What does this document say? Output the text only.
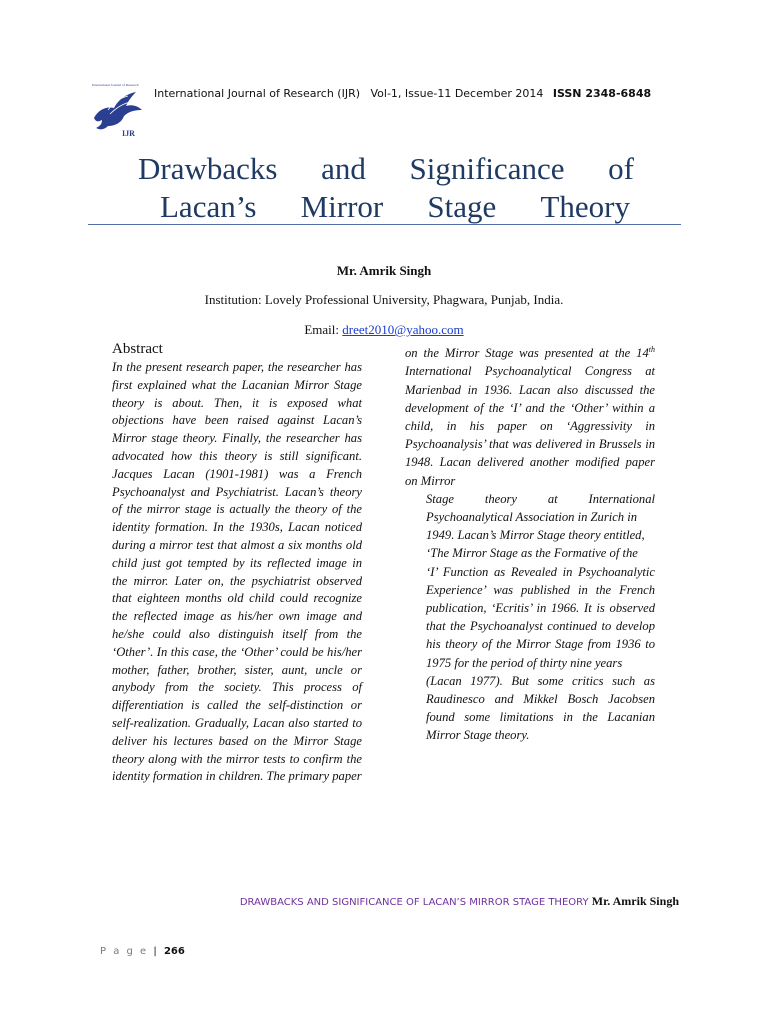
International Journal of Research
IJR
International Journal of Research (IJR)   Vol-1, Issue-11 December 2014 ISSN 2348-6848
Drawbacks and Significance of
Lacan’s Mirror Stage Theory
Mr. Amrik Singh
Institution: Lovely Professional University, Phagwara, Punjab, India.
Email: dreet2010@yahoo.com
Abstract
In the present research paper, the researcher has first explained what the Lacanian Mirror Stage theory is about. Then, it is exposed what objections have been raised against Lacan’s Mirror stage theory. Finally, the researcher has advocated how this theory is still significant. Jacques Lacan (1901-1981) was a French Psychoanalyst and Psychiatrist. Lacan’s theory of the mirror stage is actually the theory of the identity formation. In the 1930s, Lacan noticed during a mirror test that almost a six months old child just got tempted by its reflected image in the mirror. Later on, the psychiatrist observed that eighteen months old child could recognize the reflected image as his/her own image and he/she could also distinguish itself from the ‘Other’. In this case, the ‘Other’ could be his/her mother, father, brother, sister, aunt, uncle or anybody from the society. This process of differentiation is called the self-distinction or self-realization. Gradually, Lacan also started to deliver his lectures based on the Mirror Stage theory along with the mirror tests to confirm the identity formation in children. The primary paper

on the Mirror Stage was presented at the 14th International Psychoanalytical Congress at Marienbad in 1936. Lacan also discussed the development of the ‘I’ and the ‘Other’ within a child, in his paper on ‘Aggressivity in Psychoanalysis’ that was delivered in Brussels in 1948. Lacan delivered another modified paper on Mirror

Stage theory at International

Psychoanalytical Association in Zurich in

1949. Lacan’s Mirror Stage theory entitled,

‘The Mirror Stage as the Formative of the

‘I’ Function as Revealed in Psychoanalytic Experience’ was published in the French publication, ‘Ecritis’ in 1966. It is observed that the Psychoanalyst continued to develop his theory of the Mirror Stage from 1936 to 1975 for the period of thirty nine years

(Lacan 1977). But some critics such as Raudinesco and Mikkel Bosch Jacobsen found some limitations in the Lacanian Mirror Stage theory.

DRAWBACKS AND SIGNIFICANCE OF LACAN’S MIRROR STAGE THEORY Mr. Amrik Singh
P a g e | 266
